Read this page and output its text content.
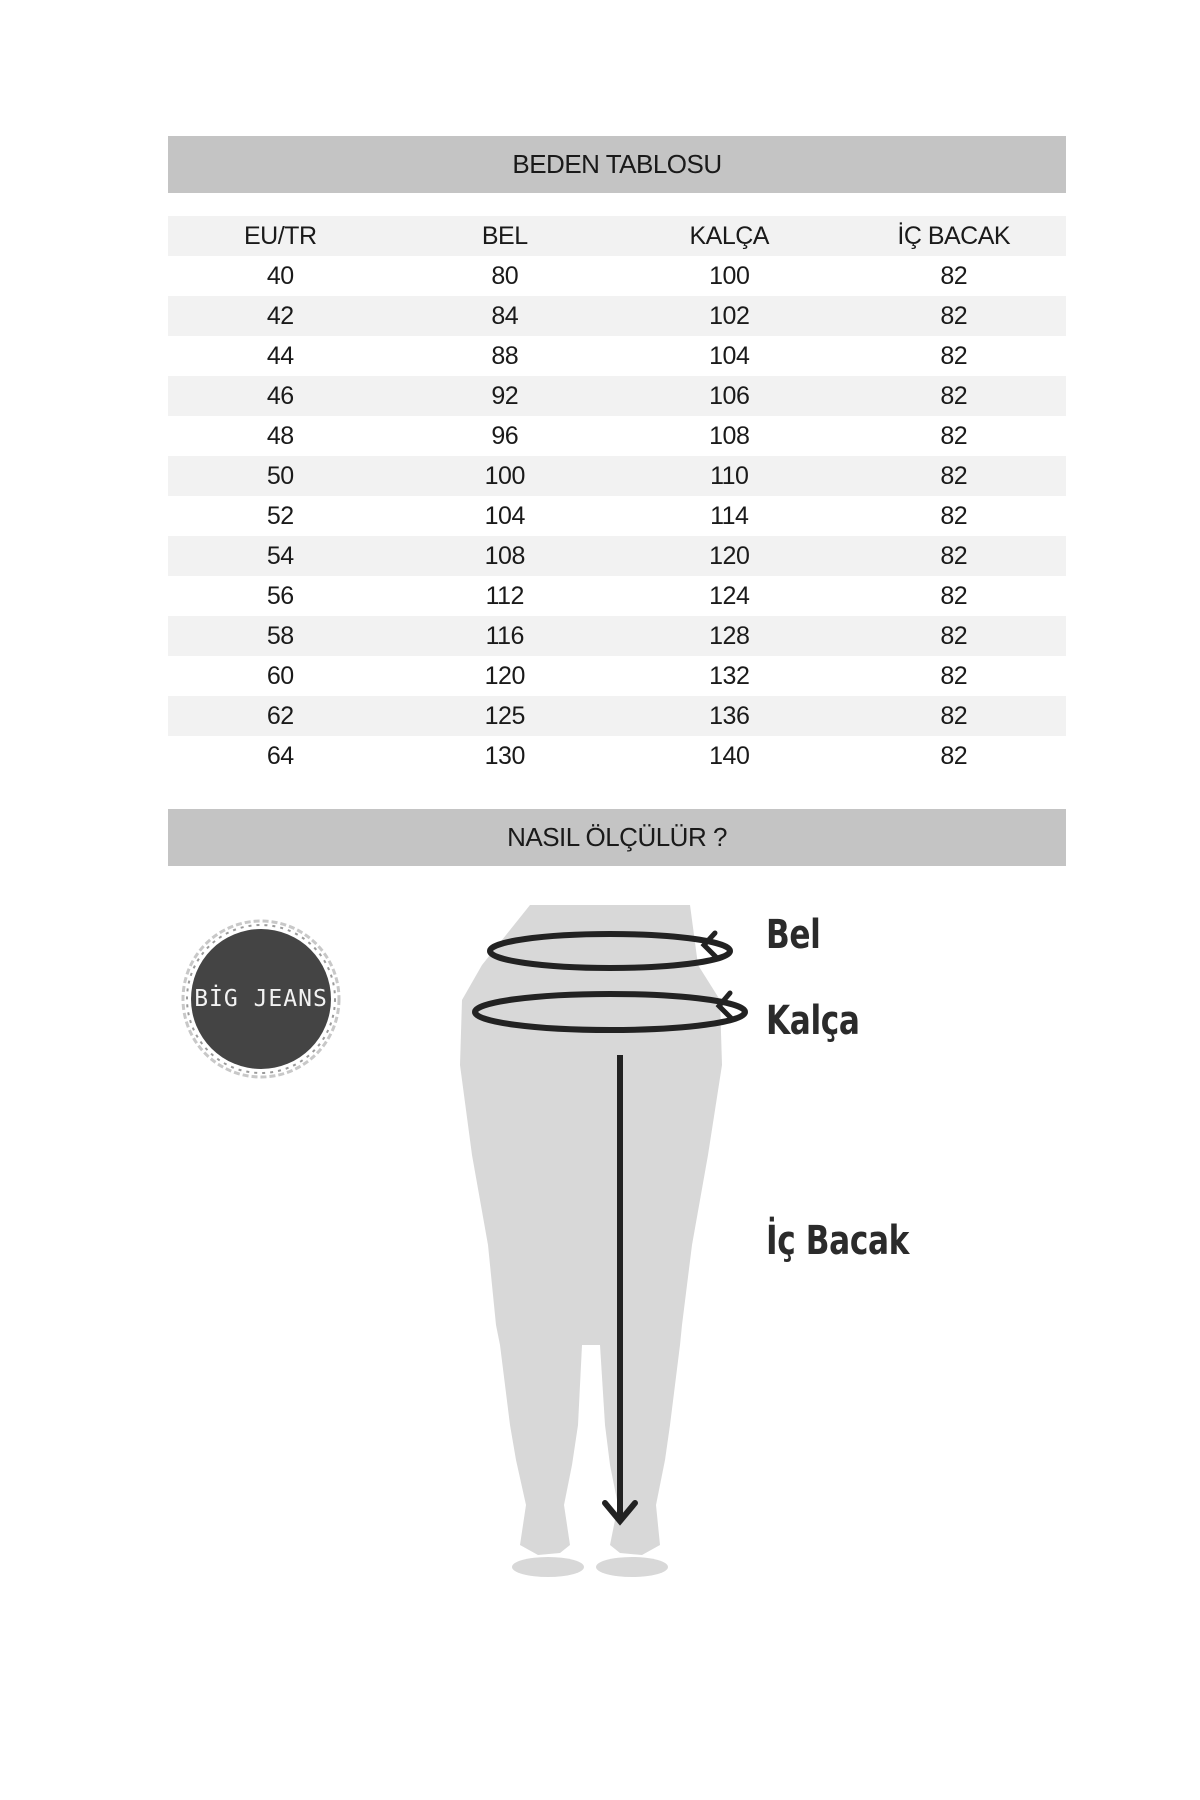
BEDEN TABLOSU
EU/TR	BEL	KALÇA	İÇ BACAK
40	80	100	82
42	84	102	82
44	88	104	82
46	92	106	82
48	96	108	82
50	100	110	82
52	104	114	82
54	108	120	82
56	112	124	82
58	116	128	82
60	120	132	82
62	125	136	82
64	130	140	82
NASIL ÖLÇÜLÜR ?
BİG JEANS
Bel
Kalça
İç Bacak
